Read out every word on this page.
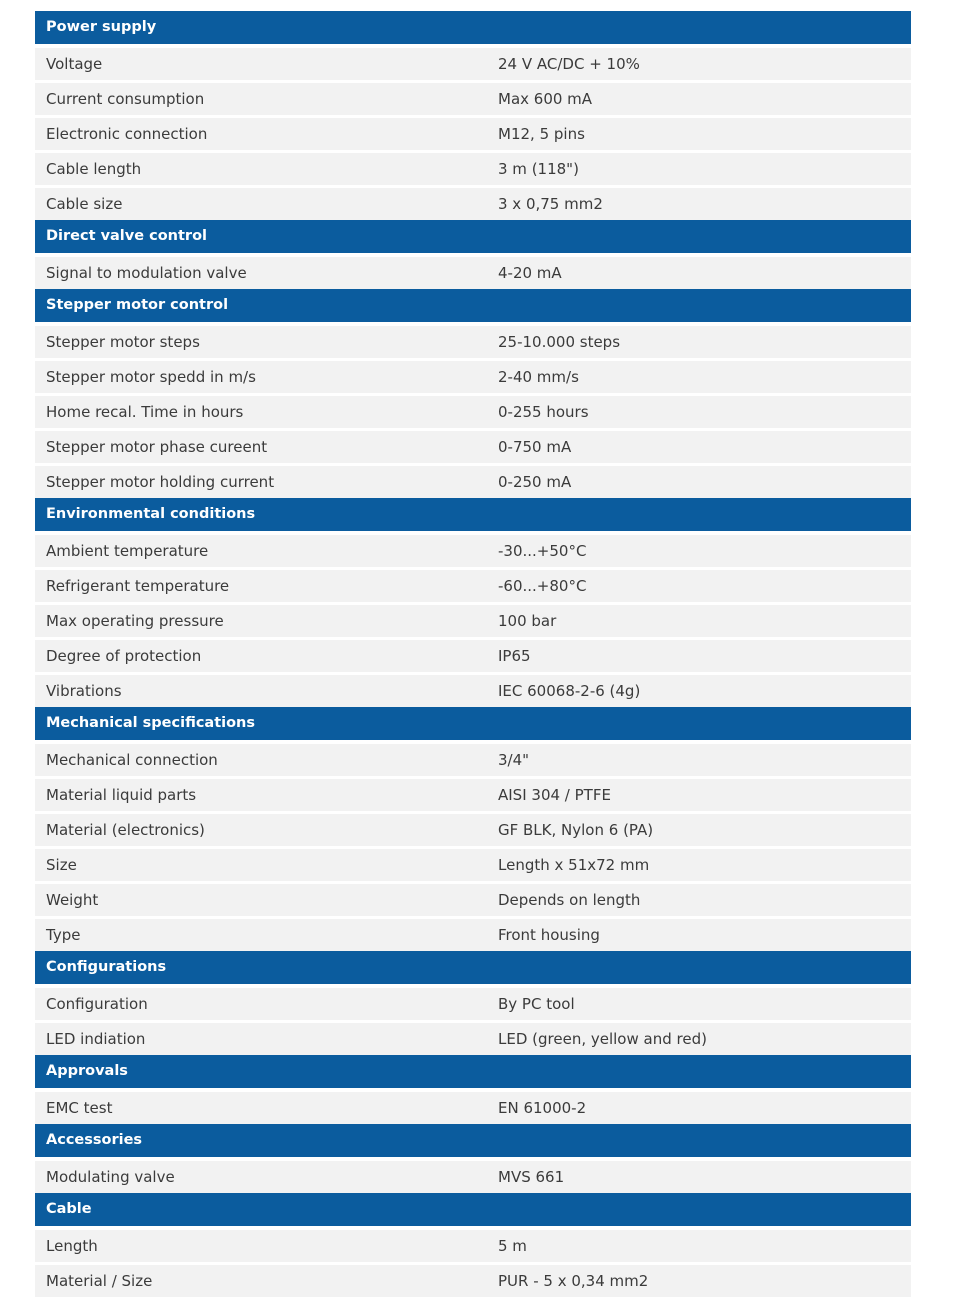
Power supply
Voltage	24 V AC/DC + 10%
Current consumption	Max 600 mA
Electronic connection	M12, 5 pins
Cable length	3 m (118")
Cable size	3 x 0,75 mm2
Direct valve control
Signal to modulation valve	4-20 mA
Stepper motor control
Stepper motor steps	25-10.000 steps
Stepper motor spedd in m/s	2-40 mm/s
Home recal. Time in hours	0-255 hours
Stepper motor phase cureent	0-750 mA
Stepper motor holding current	0-250 mA
Environmental conditions
Ambient temperature	-30...+50°C
Refrigerant temperature	-60...+80°C
Max operating pressure	100 bar
Degree of protection	IP65
Vibrations	IEC 60068-2-6 (4g)
Mechanical specifications
Mechanical connection	3/4"
Material liquid parts	AISI 304 / PTFE
Material (electronics)	GF BLK, Nylon 6 (PA)
Size	Length x 51x72 mm
Weight	Depends on length
Type	Front housing
Configurations
Configuration	By PC tool
LED indiation	LED (green, yellow and red)
Approvals
EMC test	EN 61000-2
Accessories
Modulating valve	MVS 661
Cable
Length	5 m
Material / Size	PUR - 5 x 0,34 mm2
